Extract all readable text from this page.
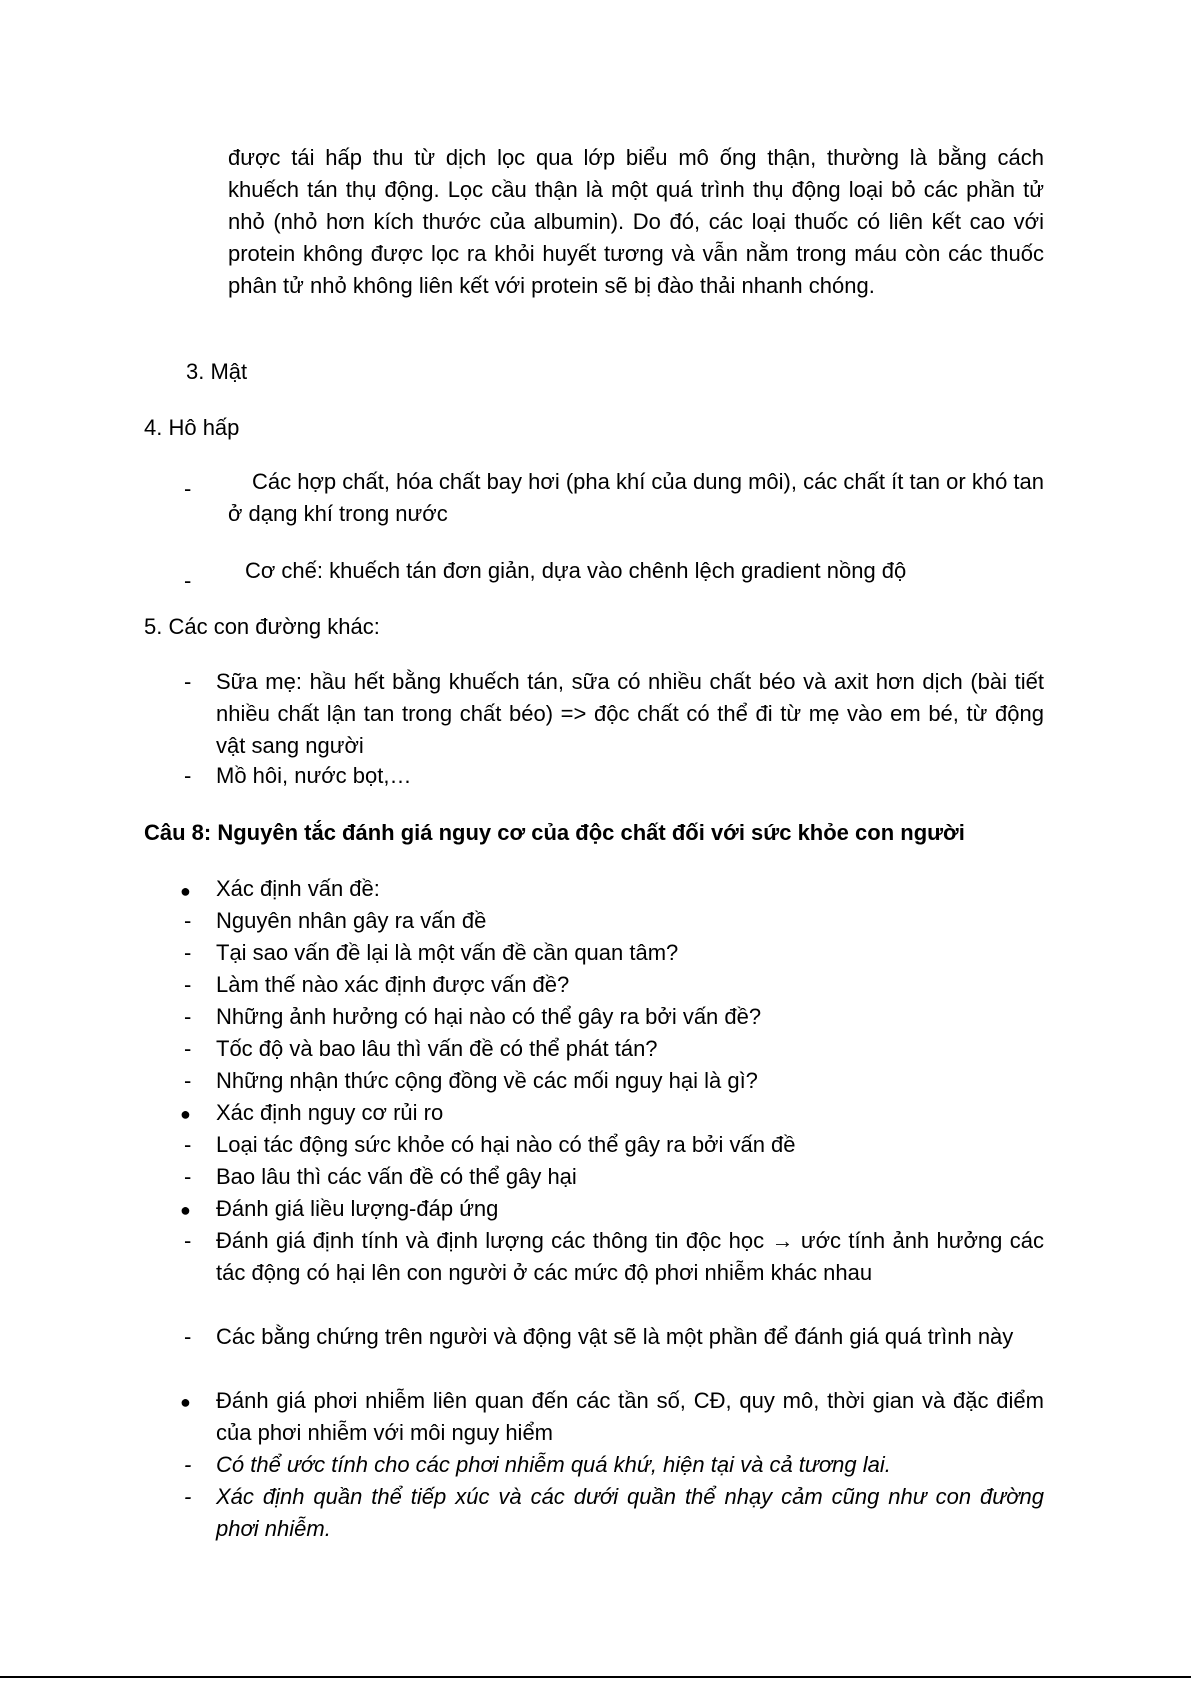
được tái hấp thu từ dịch lọc qua lớp biểu mô ống thận, thường là bằng cách khuếch tán thụ động. Lọc cầu thận là một quá trình thụ động loại bỏ các phần tử nhỏ (nhỏ hơn kích thước của albumin). Do đó, các loại thuốc có liên kết cao với protein không được lọc ra khỏi huyết tương và vẫn nằm trong máu còn các thuốc phân tử nhỏ không liên kết với protein sẽ bị đào thải nhanh chóng.
3. Mật
4. Hô hấp
-	Các hợp chất, hóa chất bay hơi (pha khí của dung môi), các chất ít tan or khó tan ở dạng khí trong nước
- Cơ chế: khuếch tán đơn giản, dựa vào chênh lệch gradient nồng độ
5. Các con đường khác:
- Sữa mẹ: hầu hết bằng khuếch tán, sữa có nhiều chất béo và axit hơn dịch (bài tiết nhiều chất lận tan trong chất béo) => độc chất có thể đi từ mẹ vào em bé, từ động vật sang người
- Mồ hôi, nước bọt,…
Câu 8: Nguyên tắc đánh giá nguy cơ của độc chất đối với sức khỏe con người
● Xác định vấn đề:
- Nguyên nhân gây ra vấn đề
- Tại sao vấn đề lại là một vấn đề cần quan tâm?
- Làm thế nào xác định được vấn đề?
- Những ảnh hưởng có hại nào có thể gây ra bởi vấn đề?
- Tốc độ và bao lâu thì vấn đề có thể phát tán?
- Những nhận thức cộng đồng về các mối nguy hại là gì?
● Xác định nguy cơ rủi ro
- Loại tác động sức khỏe có hại nào có thể gây ra bởi vấn đề
- Bao lâu thì các vấn đề có thể gây hại
● Đánh giá liều lượng-đáp ứng
- Đánh giá định tính và định lượng các thông tin độc học → ước tính ảnh hưởng các tác động có hại lên con người ở các mức độ phơi nhiễm khác nhau
- Các bằng chứng trên người và động vật sẽ là một phần để đánh giá quá trình này
● Đánh giá phơi nhiễm liên quan đến các tần số, CĐ, quy mô, thời gian và đặc điểm của phơi nhiễm với môi nguy hiểm
- Có thể ước tính cho các phơi nhiễm quá khứ, hiện tại và cả tương lai.
- Xác định quần thể tiếp xúc và các dưới quần thể nhạy cảm cũng như con đường phơi nhiễm.
